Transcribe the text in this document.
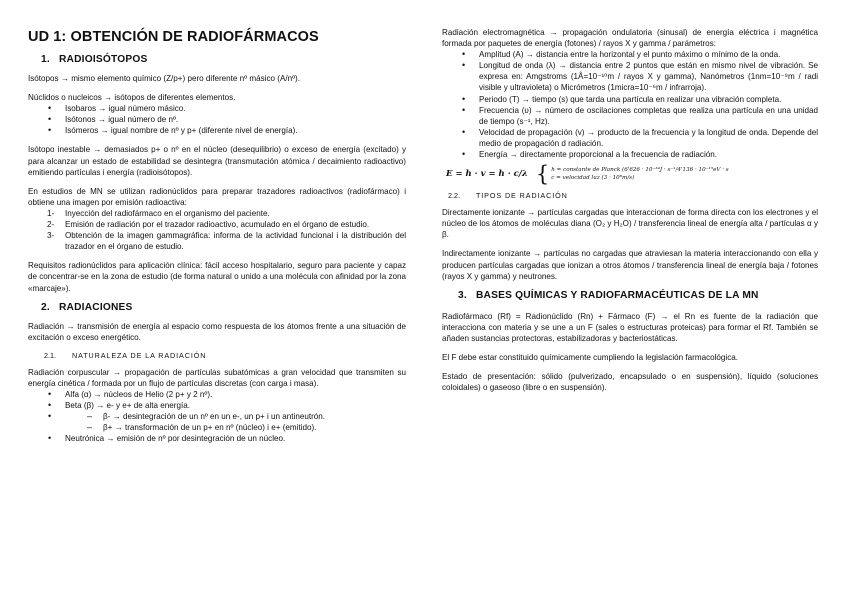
UD 1: OBTENCIÓN DE RADIOFÁRMACOS
1. RADIOISÓTOPOS

Isótopos → mismo elemento químico (Z/p+) pero diferente nº másico (A/nº).

Núclidos o nucleicos → isótopos de diferentes elementos.

• Isobaros → igual número másico.
• Isótonos → igual número de nº.
• Isómeros → igual nombre de nº y p+ (diferente nivel de energía).

Isótopo inestable → demasiados p+ o nº en el núcleo (desequilibrio) o exceso de energía (excitado) y para alcanzar un estado de estabilidad se desintegra (transmutación atómica / decaimiento radioactivo) emitiendo partículas i energía (radioisótopos).

En estudios de MN se utilizan radionúclidos para preparar trazadores radioactivos (radiofármaco) i obtiene una imagen por emisión radioactiva:

1- Inyección del radiofármaco en el organismo del paciente.
2- Emisión de radiación por el trazador radioactivo, acumulado en el órgano de estudio.
3- Obtención de la imagen gammagráfica: informa de la actividad funcional i la distribución del trazador en el órgano de estudio.

Requisitos radionúclidos para aplicación clínica: fácil acceso hospitalario, seguro para paciente y capaz de concentrar-se en la zona de estudio (de forma natural o unido a una molécula con afinidad por la zona «marcaje»).

2. RADIACIONES

Radiación → transmisión de energía al espacio como respuesta de los átomos frente a una situación de excitación o exceso energético.

2.1. NATURALEZA DE LA RADIACIÓN

Radiación corpuscular → propagación de partículas subatómicas a gran velocidad que transmiten su energía cinética / formada por un flujo de partículas discretas (con carga i masa).

• Alfa (α) → núcleos de Helio (2 p+ y 2 nº).
• Beta (β) → e- y e+ de alta energía.
– • β- → desintegración de un nº en un e-, un p+ i un antineutrón.
– β+ → transformación de un p+ en nº (núcleo) i e+ (emitido).
• Neutrónica → emisión de nº por desintegración de un núcleo.

Radiación electromagnética → propagación ondulatoria (sinusal) de energía eléctrica i magnética formada por paquetes de energía (fotones) / rayos X y gamma / parámetros:

• Amplitud (A) → distancia entre la horizontal y el punto máximo o mínimo de la onda.
• Longitud de onda (λ) → distancia entre 2 puntos que están en mismo nivel de vibración. Se expresa en: Amgstroms (1Å=10⁻¹⁰m / rayos X y gamma), Nanómetros (1nm=10⁻⁹m / radi visible y ultravioleta) o Micrómetros (1micra=10⁻⁶m / infrarroja).
• Periodo (T) → tiempo (s) que tarda una partícula en realizar una vibración completa.
• Frecuencia (υ) → número de oscilaciones completas que realiza una partícula en una unidad de tiempo (s⁻¹, Hz).
• Velocidad de propagación (v) → producto de la frecuencia y la longitud de onda. Depende del medio de propagación d radiación.
• Energía → directamente proporcional a la frecuencia de radiación.
E = h · v = h · c/λ { h = constante de Planck (6'626 · 10⁻³⁴J · s⁻¹/4'136 · 10⁻¹⁵eV · s
c = velocidad luz (3 · 10⁸m/s)
2.2. TIPOS DE RADIACIÓN

Directamente ionizante → partículas cargadas que interaccionan de forma directa con los electrones y el núcleo de los átomos de moléculas diana (O₂ y H₂O) / transferencia lineal de energía alta / partículas α y β.

Indirectamente ionizante → partículas no cargadas que atraviesan la materia interaccionando con ella y producen partículas cargadas que ionizan a otros átomos / transferencia lineal de energía baja / fotones (rayos X y gamma) y neutrones.

3. BASES QUÍMICAS Y RADIOFARMACÉUTICAS DE LA MN

Radiofármaco (Rf) = Radionúclido (Rn) + Fármaco (F) → el Rn es fuente de la radiación que interacciona con materia y se une a un F (sales o estructuras proteicas) para formar el Rf. También se añaden sustancias protectoras, estabilizadoras y bacteriostáticas.

El F debe estar constituido químicamente cumpliendo la legislación farmacológica.

Estado de presentación: sólido (pulverizado, encapsulado o en suspensión), líquido (soluciones coloidales) o gaseoso (libre o en suspensión).
